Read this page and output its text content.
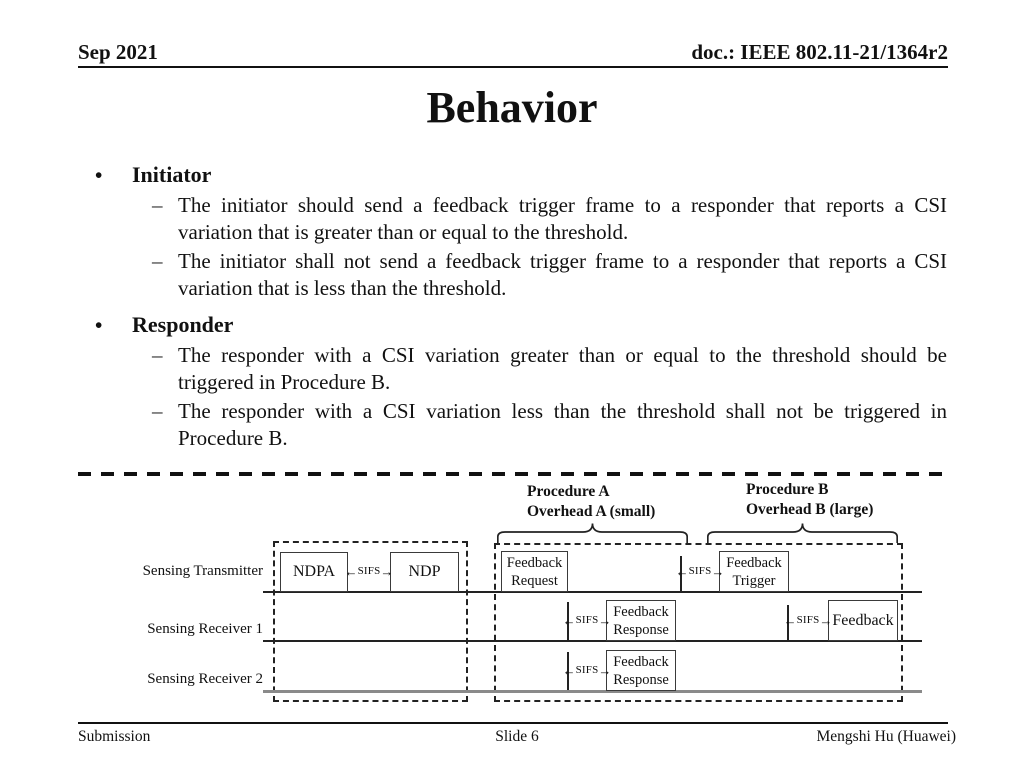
Sep 2021	doc.: IEEE 802.11-21/1364r2
Behavior
•	Initiator
– The initiator should send a feedback trigger frame to a responder that reports a CSI variation that is greater than or equal to the threshold.
– The initiator shall not send a feedback trigger frame to a responder that reports a CSI variation that is less than the threshold.
•	Responder
– The responder with a CSI variation greater than or equal to the threshold should be triggered in Procedure B.
– The responder with a CSI variation less than the threshold shall not be triggered in Procedure B.
Procedure A
Overhead A (small)
Procedure B
Overhead B (large)
Sensing Transmitter
Sensing Receiver 1
Sensing Receiver 2
NDPA	NDP
Feedback Request
Feedback Trigger
Feedback Response
Feedback
Feedback Response
← SIFS →	← SIFS →
← SIFS →	← SIFS →
← SIFS →
Submission	Slide 6	Mengshi Hu (Huawei)
